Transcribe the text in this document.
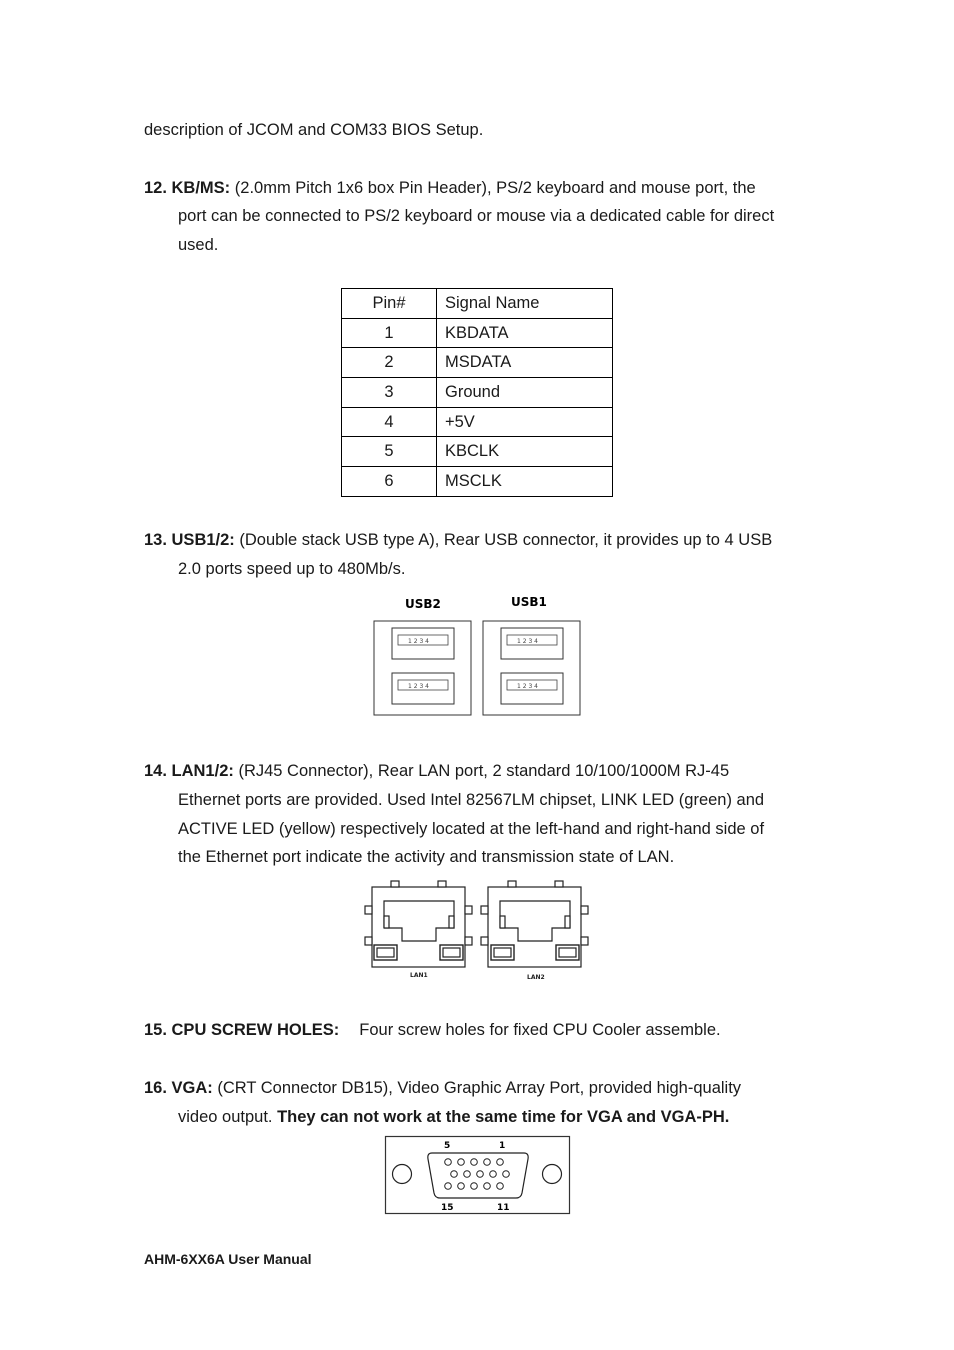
description of JCOM and COM33 BIOS Setup.
12. KB/MS: (2.0mm Pitch 1x6 box Pin Header), PS/2 keyboard and mouse port, the
port can be connected to PS/2 keyboard or mouse via a dedicated cable for direct
used.
Pin#	Signal Name
1	KBDATA
2	MSDATA
3	Ground
4	+5V
5	KBCLK
6	MSCLK
13. USB1/2: (Double stack USB type A), Rear USB connector, it provides up to 4 USB
2.0 ports speed up to 480Mb/s.
USB2	USB1
1 2 3 4
1 2 3 4
1 2 3 4
1 2 3 4
14. LAN1/2: (RJ45 Connector), Rear LAN port, 2 standard 10/100/1000M RJ-45
Ethernet ports are provided. Used Intel 82567LM chipset, LINK LED (green) and
ACTIVE LED (yellow) respectively located at the left-hand and right-hand side of
the Ethernet port indicate the activity and transmission state of LAN.
LAN1	LAN2
15. CPU SCREW HOLES: Four screw holes for fixed CPU Cooler assemble.
16. VGA: (CRT Connector DB15), Video Graphic Array Port, provided high-quality
video output. They can not work at the same time for VGA and VGA-PH.
5	1
15	11
AHM-6XX6A User Manual
